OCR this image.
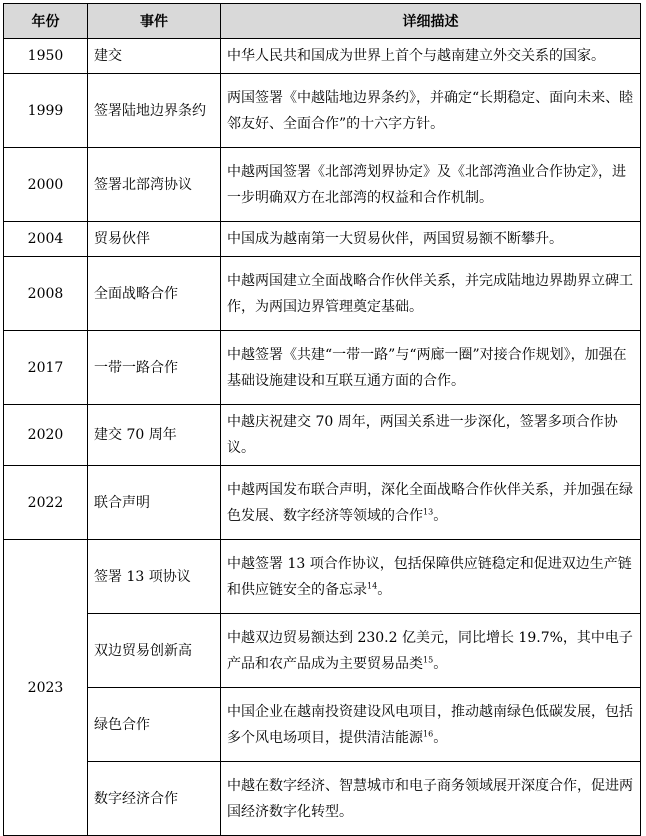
年份	事件	详细描述
1950	建交	中华人民共和国成为世界上首个与越南建立外交关系的国家。
1999	签署陆地边界条约	两国签署《中越陆地边界条约》，并确定“长期稳定、面向未来、睦邻友好、全面合作”的十六字方针。
2000	签署北部湾协议	中越两国签署《北部湾划界协定》及《北部湾渔业合作协定》，进一步明确双方在北部湾的权益和合作机制。
2004	贸易伙伴	中国成为越南第一大贸易伙伴，两国贸易额不断攀升。
2008	全面战略合作	中越两国建立全面战略合作伙伴关系，并完成陆地边界勘界立碑工作，为两国边界管理奠定基础。
2017	一带一路合作	中越签署《共建“一带一路”与“两廊一圈”对接合作规划》，加强在基础设施建设和互联互通方面的合作。
2020	建交 70 周年	中越庆祝建交 70 周年，两国关系进一步深化，签署多项合作协议。
2022	联合声明	中越两国发布联合声明，深化全面战略合作伙伴关系，并加强在绿色发展、数字经济等领域的合作$^{13}$。
2023	签署 13 项协议	中越签署 13 项合作协议，包括保障供应链稳定和促进双边生产链和供应链安全的备忘录$^{14}$。
	双边贸易创新高	中越双边贸易额达到 230.2 亿美元，同比增长 19.7%，其中电子产品和农产品成为主要贸易品类$^{15}$。
	绿色合作	中国企业在越南投资建设风电项目，推动越南绿色低碳发展，包括多个风电场项目，提供清洁能源$^{16}$。
	数字经济合作	中越在数字经济、智慧城市和电子商务领域展开深度合作，促进两国经济数字化转型。
